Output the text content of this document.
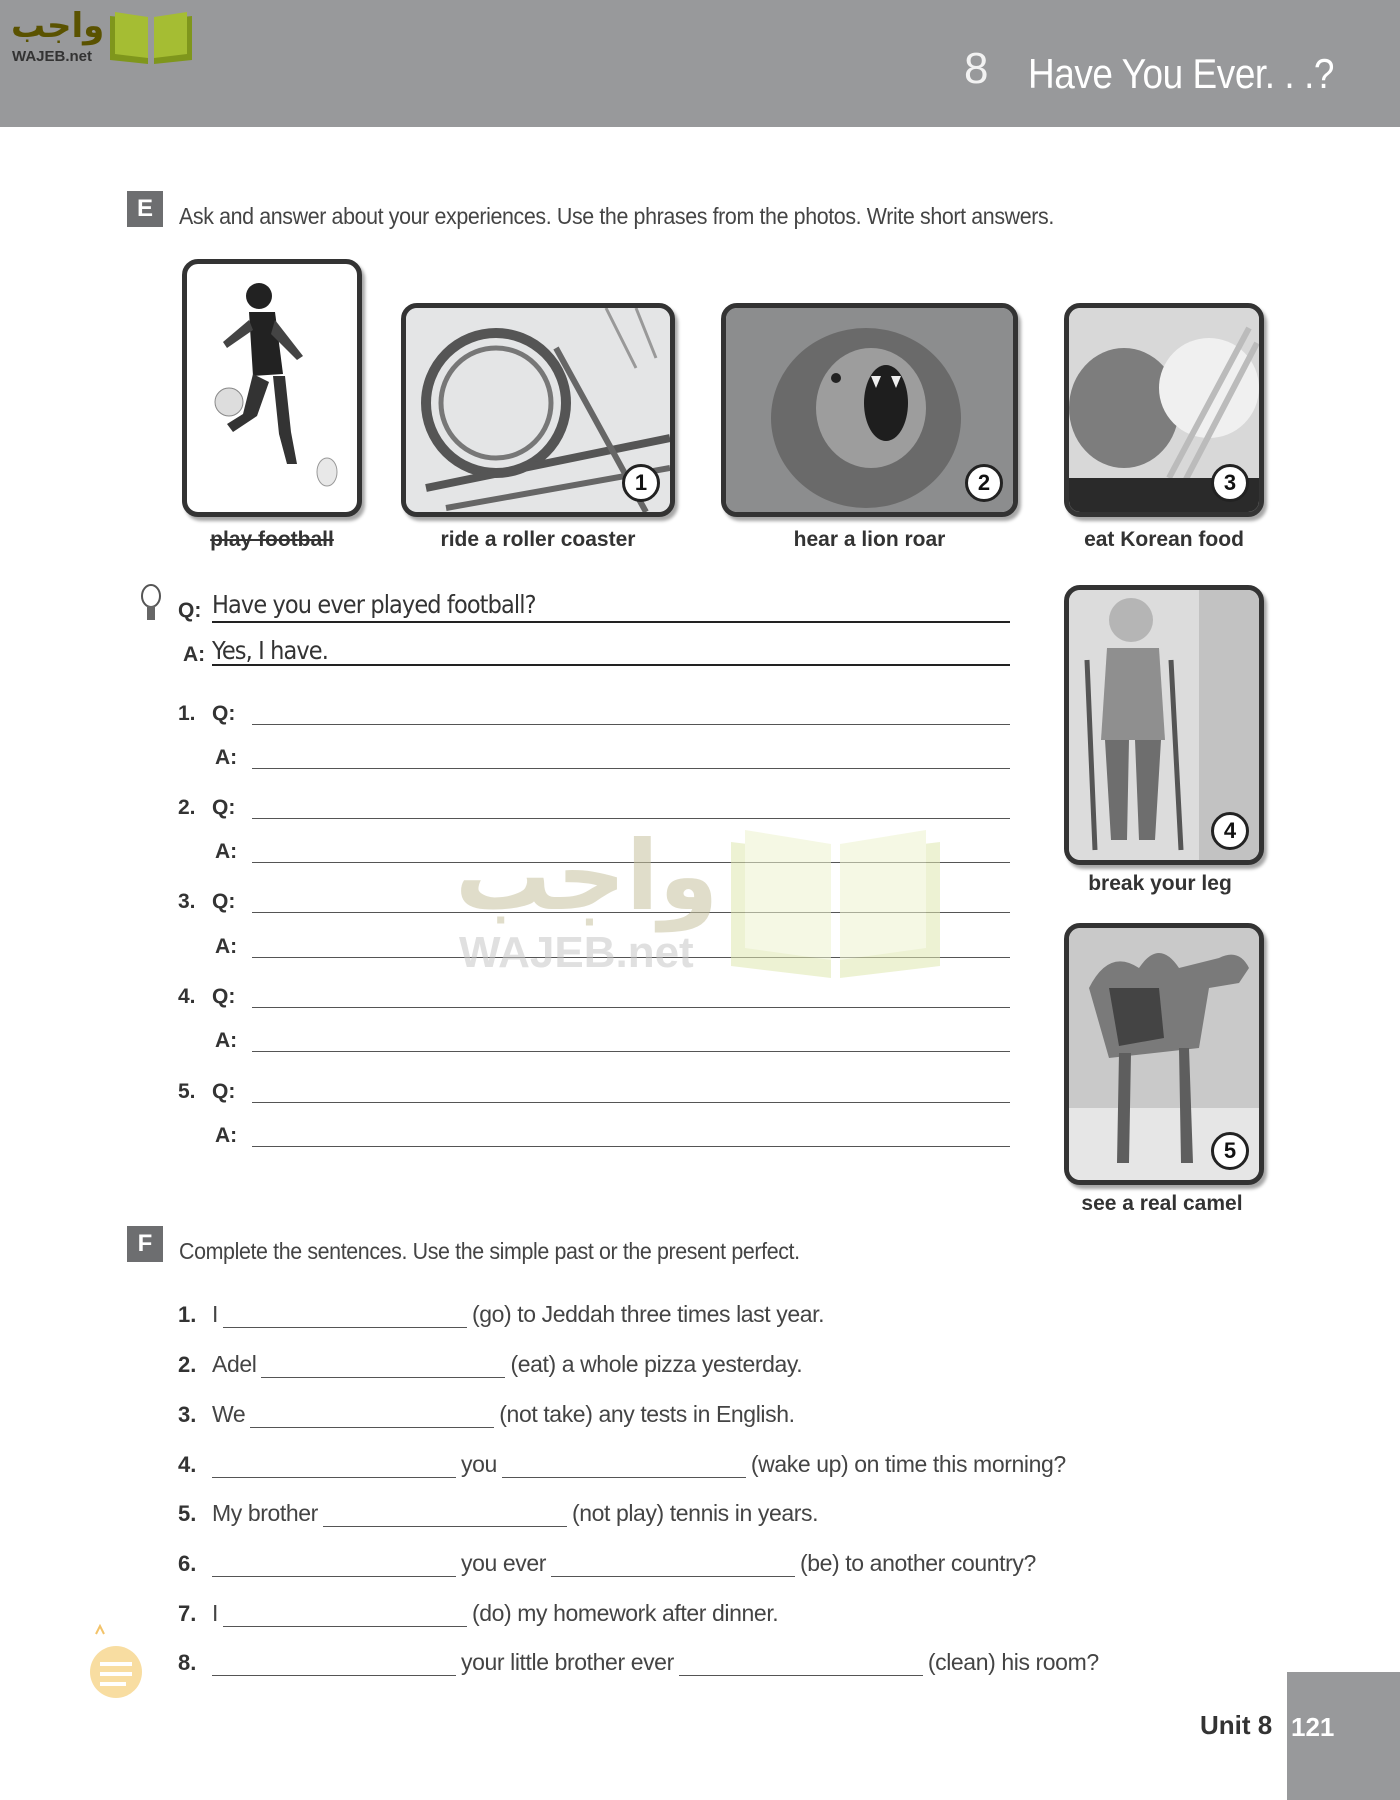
واجب
WAJEB.net	8 Have You Ever. . .?
E	Ask and answer about your experiences. Use the phrases from the photos. Write short answers.
play football
1
ride a roller coaster
2
hear a lion roar
3
eat Korean food
4
break your leg
5
see a real camel
Q: Have you ever played football?
A: Yes, I have.
1. Q:
A:
2. Q:
A:
3. Q:
A:
4. Q:
A:
5. Q:
A:
واجب
WAJEB.net
F	Complete the sentences. Use the simple past or the present perfect.
1. I	(go) to Jeddah three times last year.
2. Adel	(eat) a whole pizza yesterday.
3. We	(not take) any tests in English.
4.	you	(wake up) on time this morning?
5. My brother	(not play) tennis in years.
6.	you ever	(be) to another country?
7. I	(do) my homework after dinner.
8.	your little brother ever	(clean) his room?
Unit 8 121
